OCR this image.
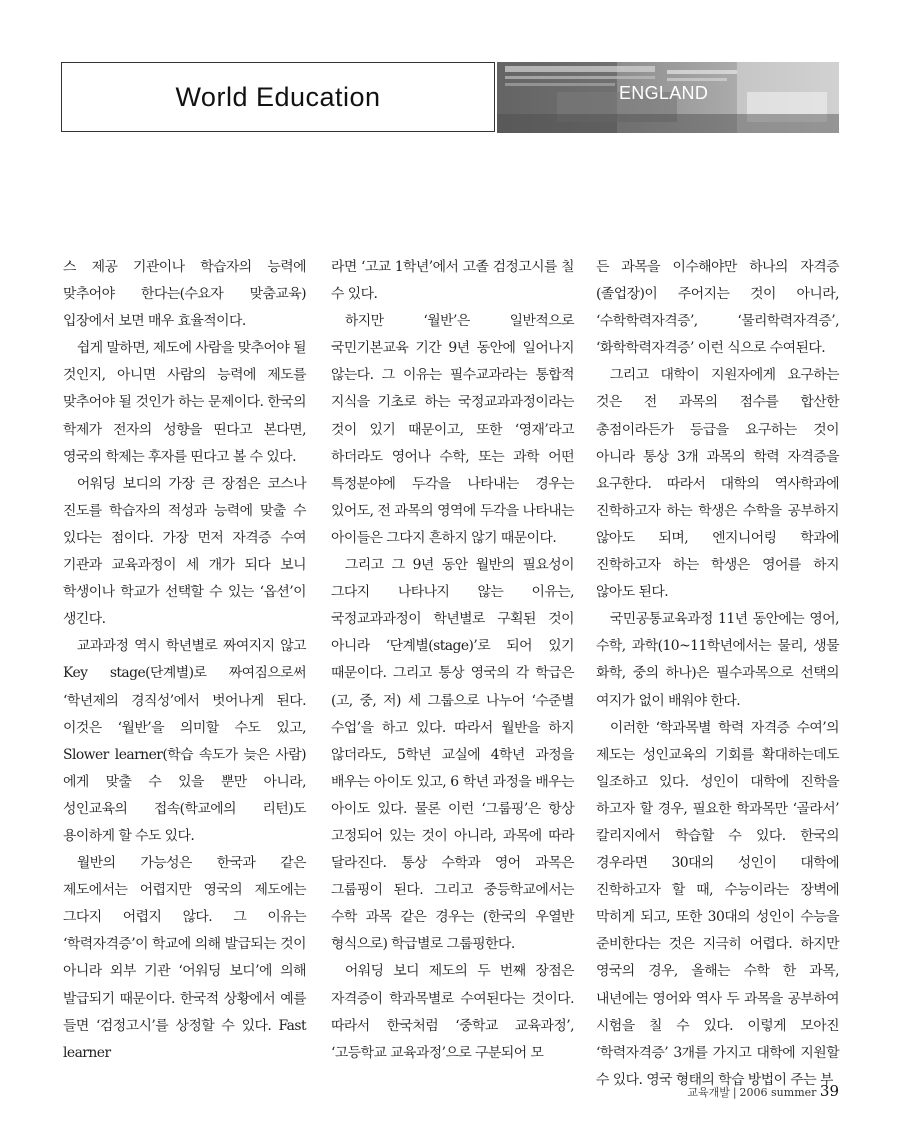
World Education	ENGLAND

스 제공 기관이나 학습자의 능력에 맞추어야 한다는(수요자 맞춤교육)입장에서 보면 매우 효율적이다.

쉽게 말하면, 제도에 사람을 맞추어야 될 것인지, 아니면 사람의 능력에 제도를 맞추어야 될 것인가 하는 문제이다. 한국의 학제가 전자의 성향을 띤다고 본다면, 영국의 학제는 후자를 띤다고 볼 수 있다.

어워딩 보디의 가장 큰 장점은 코스나 진도를 학습자의 적성과 능력에 맞출 수 있다는 점이다. 가장 먼저 자격증 수여 기관과 교육과정이 세 개가 되다 보니 학생이나 학교가 선택할 수 있는 ‘옵션’이 생긴다.

교과과정 역시 학년별로 짜여지지 않고 Key stage(단계별)로 짜여짐으로써 ‘학년제의 경직성’에서 벗어나게 된다. 이것은 ‘월반’을 의미할 수도 있고, Slower learner(학습 속도가 늦은 사람)에게 맞출 수 있을 뿐만 아니라, 성인교육의 접속(학교에의 리턴)도 용이하게 할 수도 있다.

월반의 가능성은 한국과 같은 제도에서는 어렵지만 영국의 제도에는 그다지 어렵지 않다. 그 이유는 ‘학력자격증’이 학교에 의해 발급되는 것이 아니라 외부 기관 ‘어워딩 보디’에 의해 발급되기 때문이다. 한국적 상황에서 예를 들면 ‘검정고시’를 상정할 수 있다. Fast learner

라면 ‘고교 1학년’에서 고졸 검정고시를 칠 수 있다.

하지만 ‘월반’은 일반적으로 국민기본교육 기간 9년 동안에 일어나지 않는다. 그 이유는 필수교과라는 통합적 지식을 기초로 하는 국정교과과정이라는 것이 있기 때문이고, 또한 ‘영재’라고 하더라도 영어나 수학, 또는 과학 어떤 특정분야에 두각을 나타내는 경우는 있어도, 전 과목의 영역에 두각을 나타내는 아이들은 그다지 흔하지 않기 때문이다.

그리고 그 9년 동안 월반의 필요성이 그다지 나타나지 않는 이유는, 국정교과과정이 학년별로 구획된 것이 아니라 ‘단계별(stage)’로 되어 있기 때문이다. 그리고 통상 영국의 각 학급은 (고, 중, 저) 세 그룹으로 나누어 ‘수준별 수업’을 하고 있다. 따라서 월반을 하지 않더라도, 5학년 교실에 4학년 과정을 배우는 아이도 있고, 6 학년 과정을 배우는 아이도 있다. 물론 이런 ‘그룹핑’은 항상 고정되어 있는 것이 아니라, 과목에 따라 달라진다. 통상 수학과 영어 과목은 그룹핑이 된다. 그리고 중등학교에서는 수학 과목 같은 경우는 (한국의 우열반 형식으로) 학급별로 그룹핑한다.

어워딩 보디 제도의 두 번째 장점은 자격증이 학과목별로 수여된다는 것이다. 따라서 한국처럼 ‘중학교 교육과정’, ‘고등학교 교육과정’으로 구분되어 모

든 과목을 이수해야만 하나의 자격증(졸업장)이 주어지는 것이 아니라, ‘수학학력자격증’, ‘물리학력자격증’, ‘화학학력자격증’ 이런 식으로 수여된다.

그리고 대학이 지원자에게 요구하는 것은 전 과목의 점수를 합산한 총점이라든가 등급을 요구하는 것이 아니라 통상 3개 과목의 학력 자격증을 요구한다. 따라서 대학의 역사학과에 진학하고자 하는 학생은 수학을 공부하지 않아도 되며, 엔지니어링 학과에 진학하고자 하는 학생은 영어를 하지 않아도 된다.

국민공통교육과정 11년 동안에는 영어, 수학, 과학(10~11학년에서는 물리, 생물 화학, 중의 하나)은 필수과목으로 선택의 여지가 없이 배워야 한다.

이러한 ‘학과목별 학력 자격증 수여’의 제도는 성인교육의 기회를 확대하는데도 일조하고 있다. 성인이 대학에 진학을 하고자 할 경우, 필요한 학과목만 ‘골라서’ 칼리지에서 학습할 수 있다. 한국의 경우라면 30대의 성인이 대학에 진학하고자 할 때, 수능이라는 장벽에 막히게 되고, 또한 30대의 성인이 수능을 준비한다는 것은 지극히 어렵다. 하지만 영국의 경우, 올해는 수학 한 과목, 내년에는 영어와 역사 두 과목을 공부하여 시험을 칠 수 있다. 이렇게 모아진 ‘학력자격증’ 3개를 가지고 대학에 지원할 수 있다. 영국 형태의 학습 방법이 주는 부

교육개발 | 2006 summer 39
